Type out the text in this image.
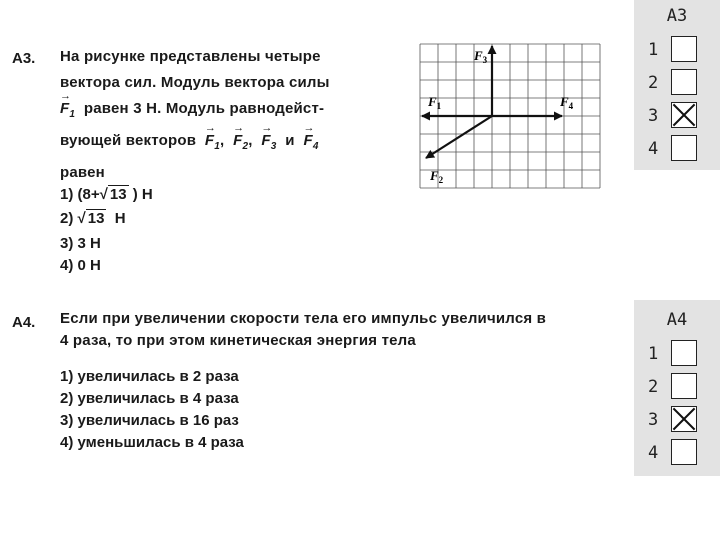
А3. На рисунке представлены четыре
вектора сил. Модуль вектора силы
→ $F_1$ равен 3 Н. Модуль равнодейст-
вующей векторов → $F_1$,  → $F_2$,  → $F_3$ $и \to F_4$
равен
1) (8+√ 13 ) Н
2) √ 13 Н
3) 3 Н
4) 0 Н
$F_3$
$F_1$	$F_4$
$F_2$
А4. Если при увеличении скорости тела его импульс увеличился в
4 раза, то при этом кинетическая энергия тела
1) увеличилась в 2 раза
2) увеличилась в 4 раза
3) увеличилась в 16 раз
4) уменьшилась в 4 раза
А3
1
2
3
4
А4
1
2
3
4
